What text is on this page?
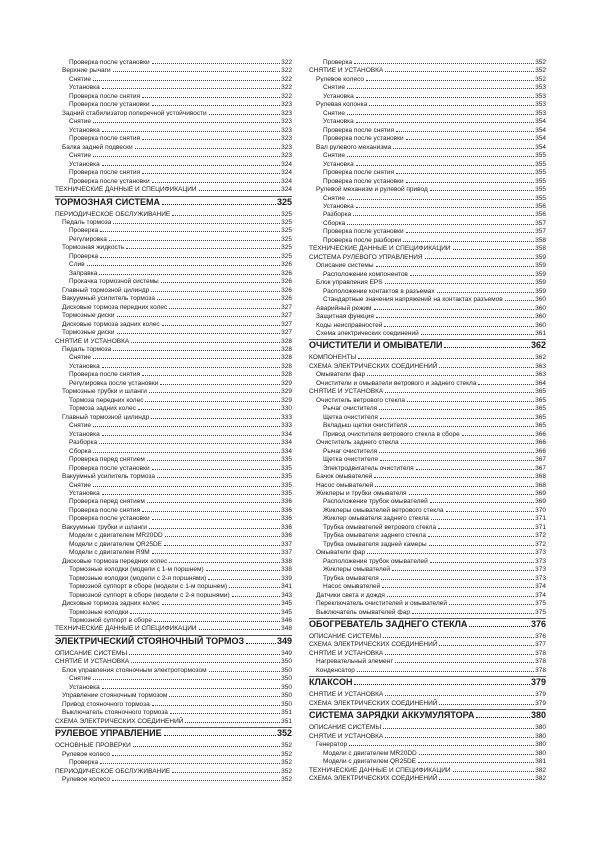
Проверка после установки	322
Верхние рычаги	322
Снятие	322
Установка	322
Проверка после снятия	322
Проверка после установки	323
Задний стабилизатор поперечной устойчивости	323
Снятие	323
Установка	323
Проверка после снятия	323
Балка задней подвески	323
Снятие	323
Установка	324
Проверка после снятия	324
Проверка после установки	324
ТЕХНИЧЕСКИЕ ДАННЫЕ И СПЕЦИФИКАЦИИ	324
ТОРМОЗНАЯ СИСТЕМА	325
ПЕРИОДИЧЕСКОЕ ОБСЛУЖИВАНИЕ	325
Педаль тормоза	325
Проверка	325
Регулировка	325
Тормозная жидкость	325
Проверка	325
Слив	326
Заправка	326
Прокачка тормозной системы	326
Главный тормозной цилиндр	326
Вакуумный усилитель тормоза	326
Дисковые тормоза передних колес	327
Тормозные диски	327
Дисковые тормоза задних колес	327
Тормозные диски	327
СНЯТИЕ И УСТАНОВКА	328
Педаль тормоза	328
Снятие	328
Установка	328
Проверка после снятия	328
Регулировка после установки	329
Тормозные трубки и шланги	329
Тормоза передних колес	329
Тормоза задних колес	330
Главный тормозной цилиндр	333
Снятие	333
Установка	334
Разборка	334
Сборка	334
Проверка перед снятием	335
Проверка после установки	335
Вакуумный усилитель тормоза	335
Снятие	335
Установка	335
Проверка перед снятием	336
Проверка после снятия	336
Проверка после установки	336
Вакуумные трубки и шланги	336
Модели с двигателем MR20DD	336
Модели с двигателем QR25DE	337
Модели с двигателем R9M	337
Дисковые тормоза передних колес	338
Тормозные колодки (модели с 1-м поршнем)	338
Тормозные колодки (модели с 2-я поршнями)	339
Тормозной суппорт в сборе (модели с 1-м поршнем)	341
Тормозной суппорт в сборе (модели с 2-я поршнями)	343
Дисковые тормоза задних колес	345
Тормозные колодки	345
Тормозной суппорт в сборе	346
ТЕХНИЧЕСКИЕ ДАННЫЕ И СПЕЦИФИКАЦИИ	348
ЭЛЕКТРИЧЕСКИЙ СТОЯНОЧНЫЙ ТОРМОЗ	349
ОПИСАНИЕ СИСТЕМЫ	349
СНЯТИЕ И УСТАНОВКА	350
Блок управления стояночным электротормозом	350
Снятие	350
Установка	350
Управление стояночным тормозом	350
Привод стояночного тормоза	350
Выключатель стояночного тормоза	351
СХЕМА ЭЛЕКТРИЧЕСКИХ СОЕДИНЕНИЙ	351
РУЛЕВОЕ УПРАВЛЕНИЕ	352
ОСНОВНЫЕ ПРОВЕРКИ	352
Рулевое колесо	352
Проверка	352
ПЕРИОДИЧЕСКОЕ ОБСЛУЖИВАНИЕ	352
Рулевое колесо	352
Проверка	352
СНЯТИЕ И УСТАНОВКА	352
Рулевое колесо	352
Снятие	353
Установка	353
Рулевая колонка	353
Снятие	353
Установка	354
Проверка после снятия	354
Проверка после установки	354
Вал рулевого механизма	354
Снятие	355
Установка	355
Проверка после снятия	355
Проверка после установки	355
Рулевой механизм и рулевой привод	355
Снятие	355
Установка	356
Разборка	356
Сборка	357
Проверка после установки	357
Проверка после разборки	358
ТЕХНИЧЕСКИЕ ДАННЫЕ И СПЕЦИФИКАЦИИ	358
СИСТЕМА РУЛЕВОГО УПРАВЛЕНИЯ	359
Описание системы	359
Расположение компонентов	359
Блок управления EPS	359
Расположение контактов в разъемах	359
Стандартные значения напряжений на контактах разъемов	360
Аварийный режим	360
Защитная функция	360
Коды неисправностей	360
Схема электрических соединений	361
ОЧИСТИТЕЛИ И ОМЫВАТЕЛИ	362
КОМПОНЕНТЫ	362
СХЕМА ЭЛЕКТРИЧЕСКИХ СОЕДИНЕНИЙ	363
Омыватели фар	363
Очистители и омыватели ветрового и заднего стекла	364
СНЯТИЕ И УСТАНОВКА	365
Очиститель ветрового стекла	365
Рычаг очистителя	365
Щетка очистителя	365
Вкладыш щетки очистителя	365
Привод очистителя ветрового стекла в сборе	366
Очиститель заднего стекла	366
Рычаг очистителя	366
Щетка очистителя	367
Электродвигатель очистителя	367
Бачок омывателей	368
Насос омывателей	368
Жиклеры и трубки омывателя	369
Расположение трубок омывателей	369
Жиклеры омывателей ветрового стекла	370
Жиклер омывателя заднего стекла	371
Трубка омывателей ветрового стекла	371
Трубка омывателя заднего стекла	372
Трубка омывателя задней камеры	372
Омыватели фар	373
Расположение трубок омывателей	373
Жиклеры омывателей	373
Трубка омывателя	373
Насос омывателей	374
Датчики света и дождя	374
Переключатель очистителей и омывателей	375
Выключатель омывателей фар	375
ОБОГРЕВАТЕЛЬ ЗАДНЕГО СТЕКЛА	376
ОПИСАНИЕ СИСТЕМЫ	376
СХЕМА ЭЛЕКТРИЧЕСКИХ СОЕДИНЕНИЙ	377
СНЯТИЕ И УСТАНОВКА	378
Нагревательный элемент	378
Конденсатор	378
КЛАКСОН	379
СНЯТИЕ И УСТАНОВКА	379
СХЕМА ЭЛЕКТРИЧЕСКИХ СОЕДИНЕНИЙ	379
СИСТЕМА ЗАРЯДКИ АККУМУЛЯТОРА	380
ОПИСАНИЕ СИСТЕМЫ	380
СНЯТИЕ И УСТАНОВКА	380
Генератор	380
Модели с двигателем MR20DD	380
Модели с двигателем QR25DE	381
ТЕХНИЧЕСКИЕ ДАННЫЕ И СПЕЦИФИКАЦИИ	382
СХЕМА ЭЛЕКТРИЧЕСКИХ СОЕДИНЕНИЙ	382
